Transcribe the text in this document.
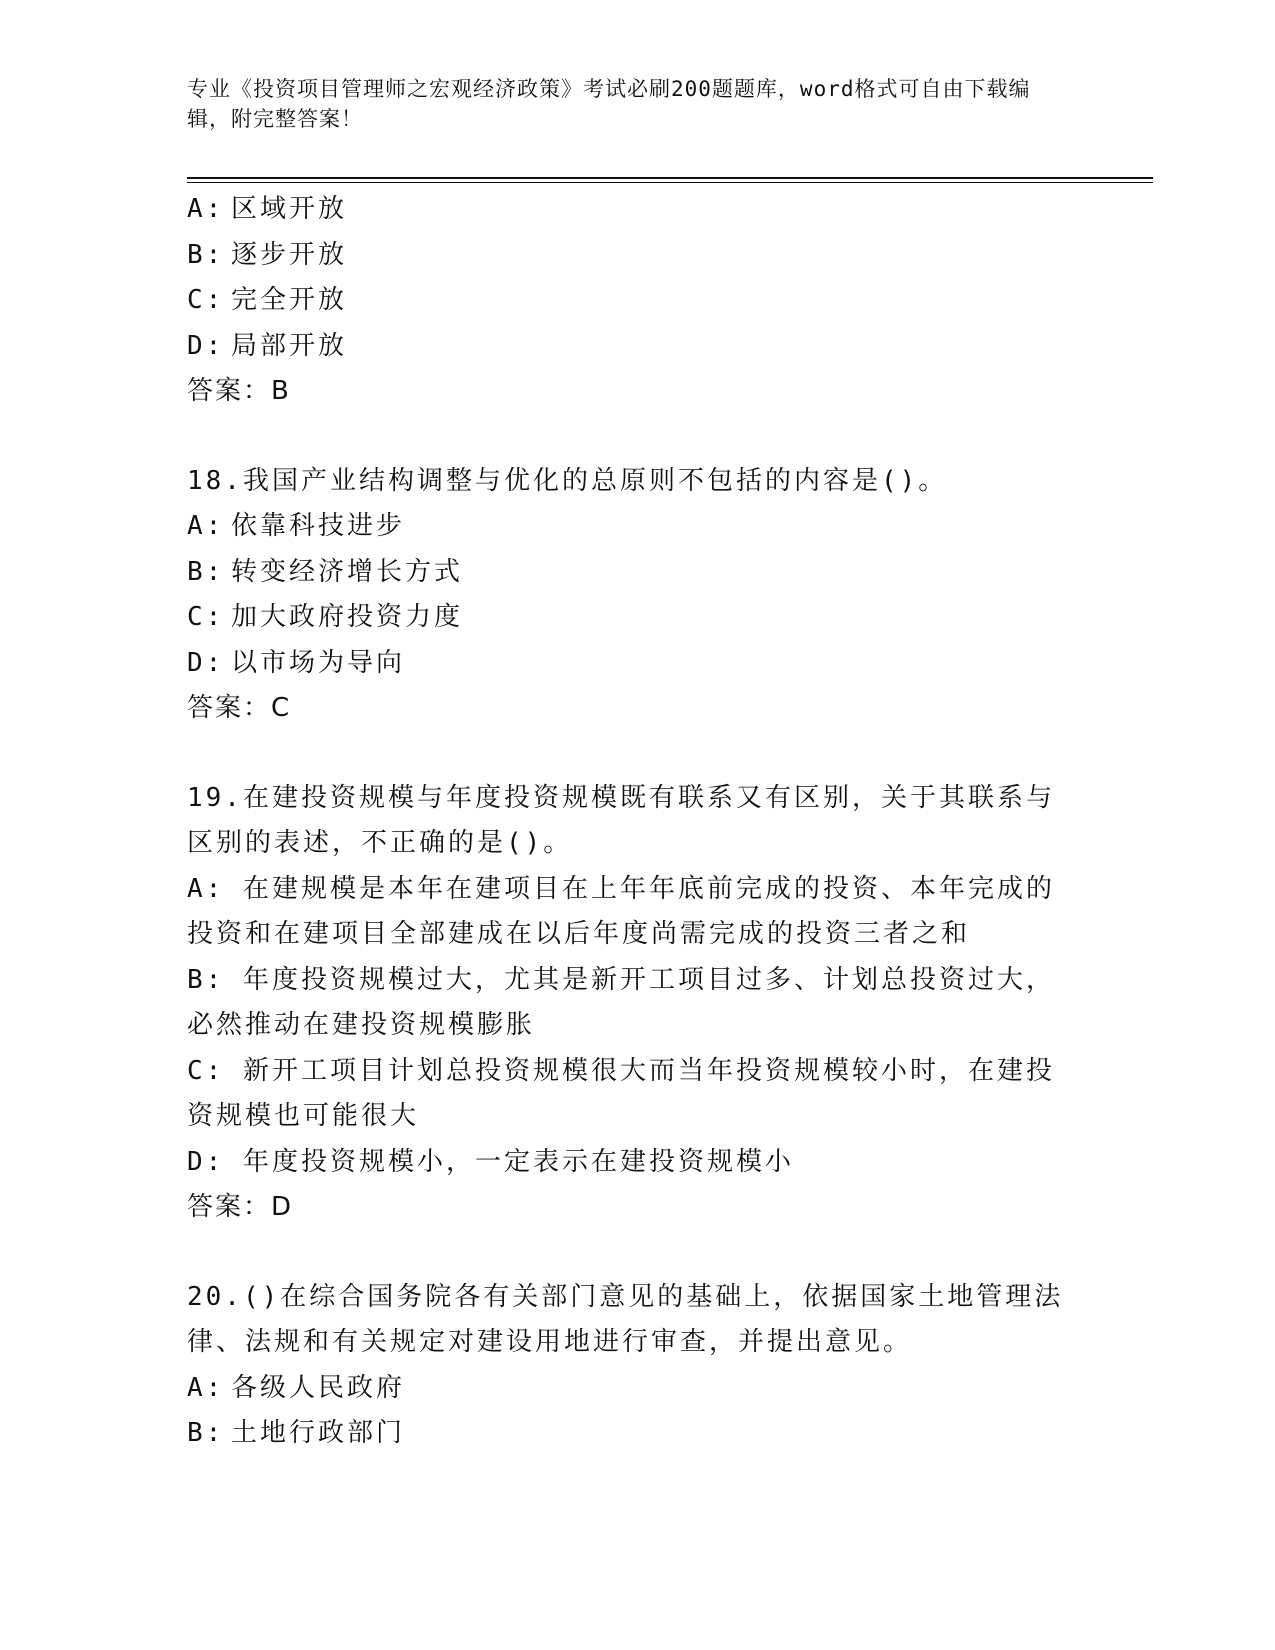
专业《投资项目管理师之宏观经济政策》考试必刷200题题库，word格式可自由下载编辑，附完整答案！
A: 区域开放
B: 逐步开放
C: 完全开放
D: 局部开放
答案：B
18.我国产业结构调整与优化的总原则不包括的内容是()。
A: 依靠科技进步
B: 转变经济增长方式
C: 加大政府投资力度
D: 以市场为导向
答案：C
19.在建投资规模与年度投资规模既有联系又有区别，关于其联系与区别的表述，不正确的是()。
A: 在建规模是本年在建项目在上年年底前完成的投资、本年完成的投资和在建项目全部建成在以后年度尚需完成的投资三者之和
B: 年度投资规模过大，尤其是新开工项目过多、计划总投资过大，必然推动在建投资规模膨胀
C: 新开工项目计划总投资规模很大而当年投资规模较小时，在建投资规模也可能很大
D: 年度投资规模小，一定表示在建投资规模小
答案：D
20.()在综合国务院各有关部门意见的基础上，依据国家土地管理法律、法规和有关规定对建设用地进行审查，并提出意见。
A: 各级人民政府
B: 土地行政部门
